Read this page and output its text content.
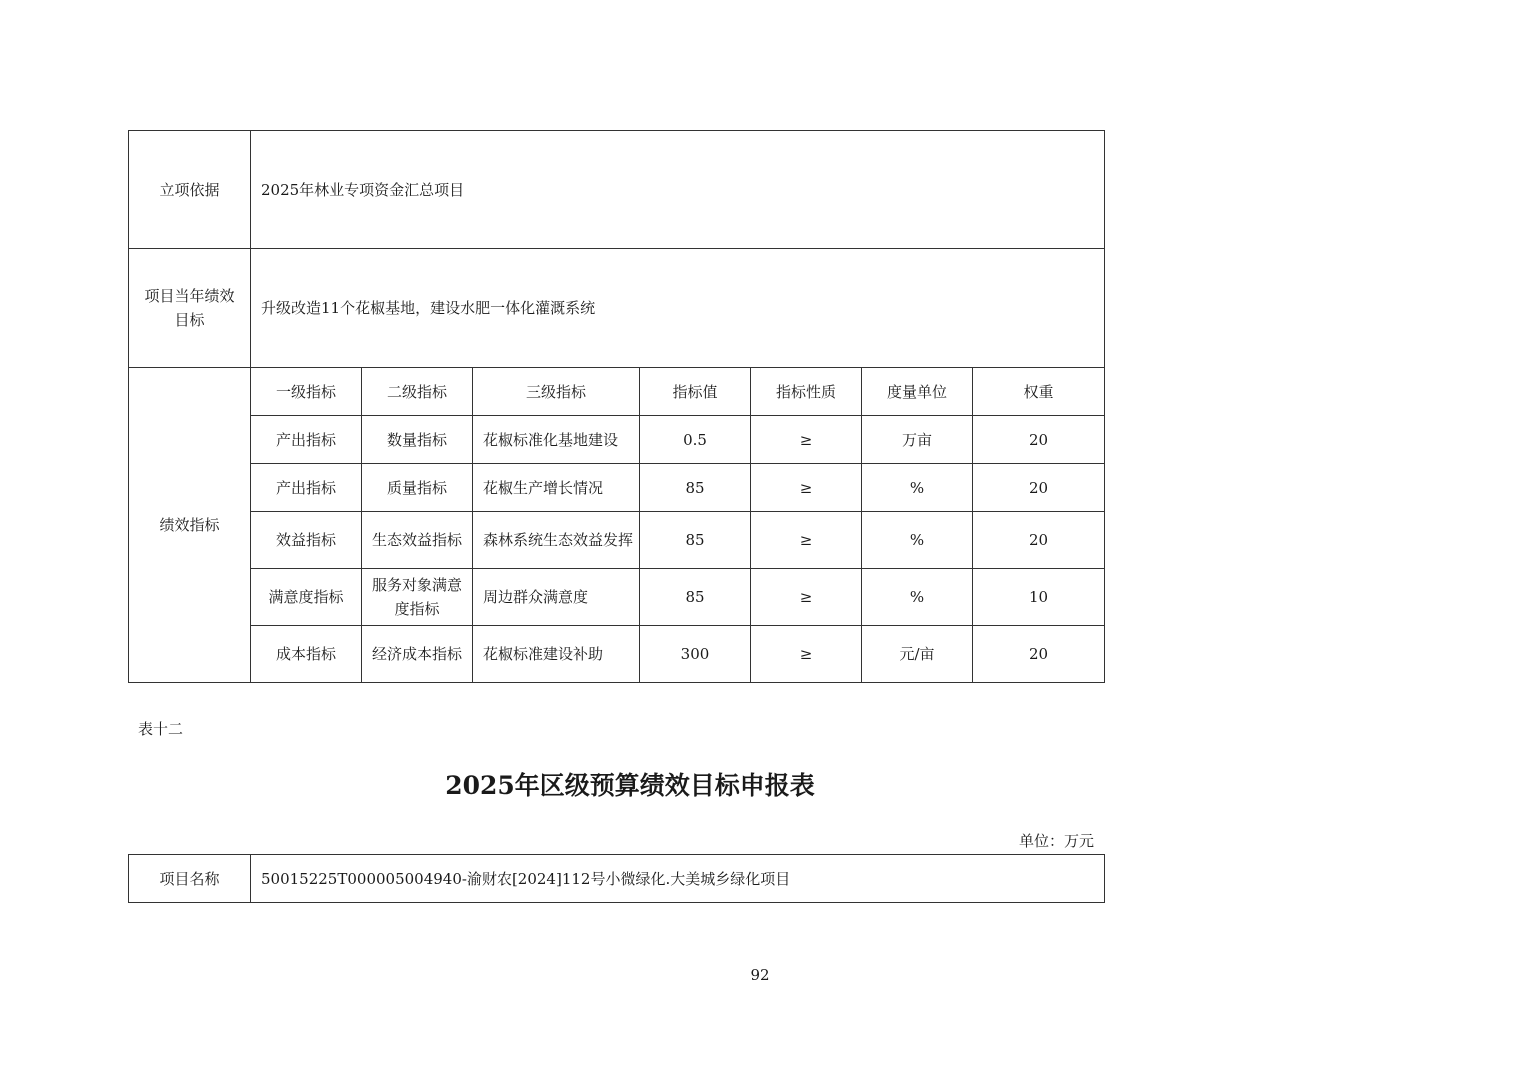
立项依据	2025年林业专项资金汇总项目						
项目当年绩效
目标	升级改造11个花椒基地，建设水肥一体化灌溉系统						
绩效指标	一级指标	二级指标	三级指标	指标值	指标性质	度量单位	权重
	产出指标	数量指标	花椒标准化基地建设	0.5	≥	万亩	20
	产出指标	质量指标	花椒生产增长情况	85	≥	%	20
	效益指标	生态效益指标	森林系统生态效益发挥	85	≥	%	20
	满意度指标	服务对象满意度指标	周边群众满意度	85	≥	%	10
	成本指标	经济成本指标	花椒标准建设补助	300	≥	元/亩	20
表十二
2025年区级预算绩效目标申报表
单位：万元
项目名称	50015225T000005004940-渝财农[2024]112号小微绿化.大美城乡绿化项目
92
